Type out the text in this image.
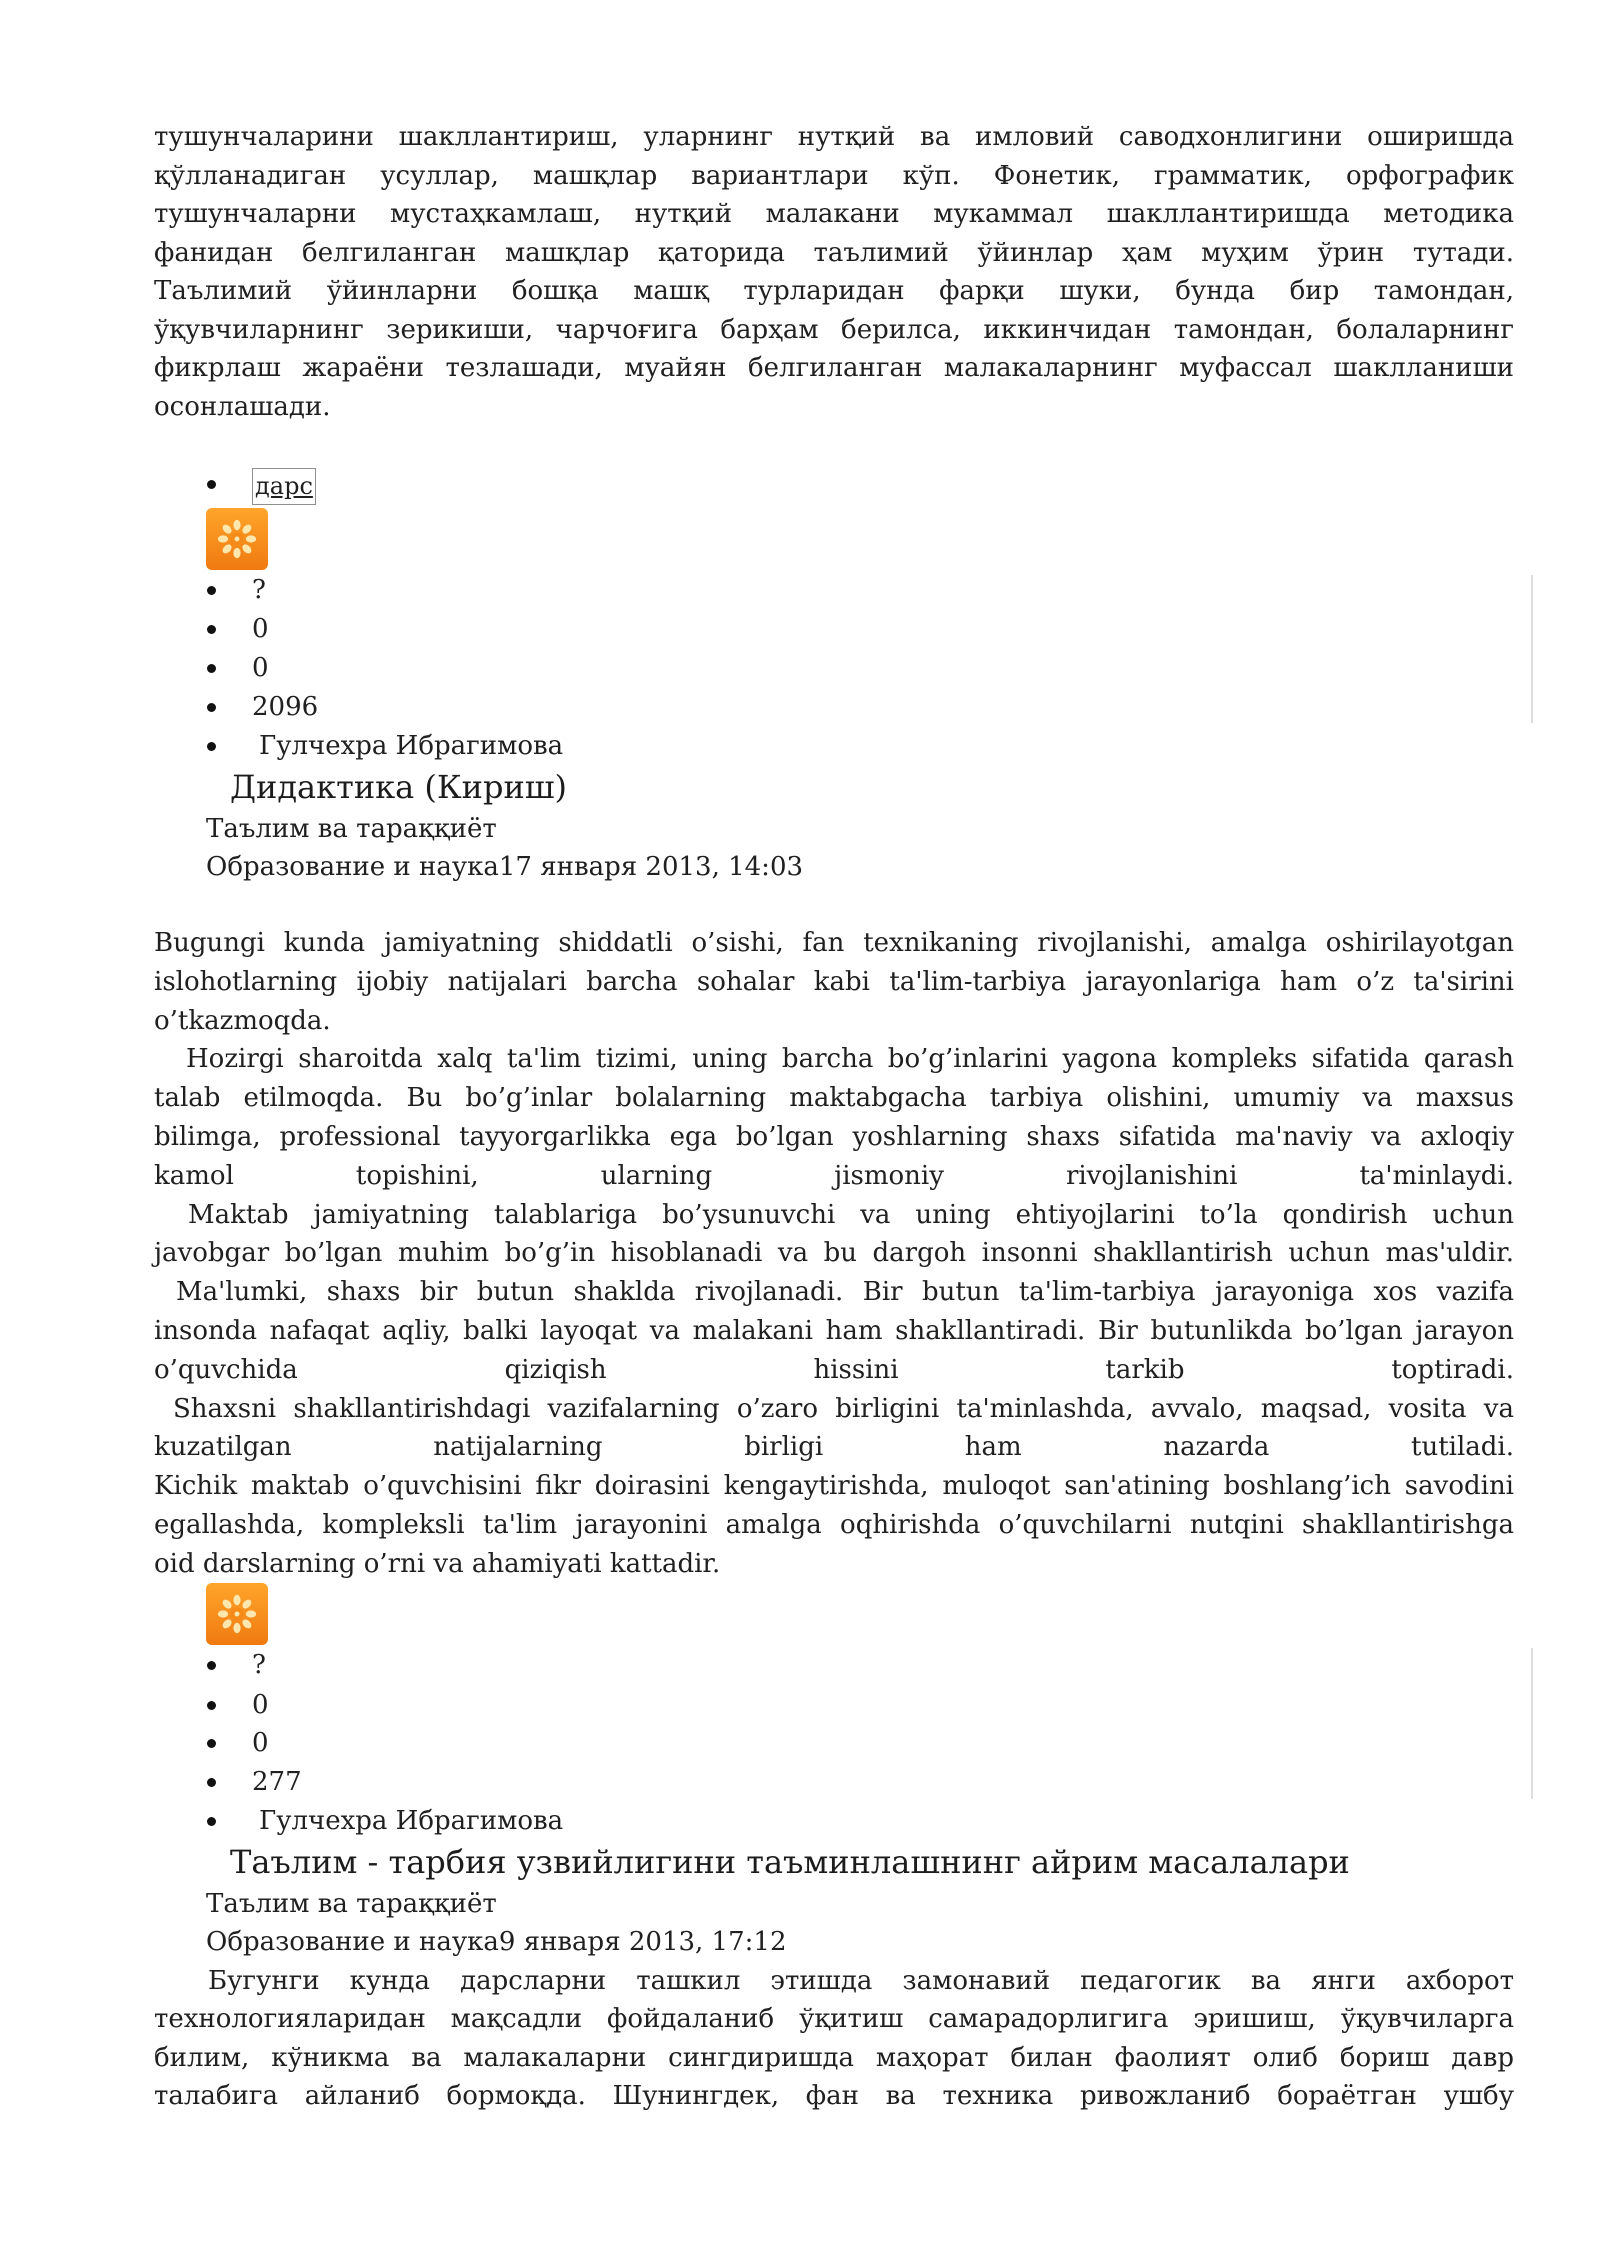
тушунчаларини шакллантириш, уларнинг нутқий ва имловий саводхонлигини оширишда
қўлланадиган усуллар, машқлар вариантлари кўп. Фонетик, грамматик, орфографик
тушунчаларни мустаҳкамлаш, нутқий малакани мукаммал шакллантиришда методика
фанидан белгиланган машқлар қаторида таълимий ўйинлар ҳам муҳим ўрин тутади.
Таълимий ўйинларни бошқа машқ турларидан фарқи шуки, бунда бир тамондан,
ўқувчиларнинг зерикиши, чарчоғига барҳам берилса, иккинчидан тамондан, болаларнинг
фикрлаш жараёни тезлашади, муайян белгиланган малакаларнинг муфассал шаклланиши
осонлашади.
дарс
?
0
0
2096
Гулчехра Ибрагимова
Дидактика (Кириш)
Таълим ва тараққиёт
Образование и наука17 января 2013, 14:03
Bugungi kunda jamiyatning shiddatli o’sishi, fan texnikaning rivojlanishi, amalga oshirilayotgan
islohotlarning ijobiy natijalari barcha sohalar kabi ta'lim-tarbiya jarayonlariga ham o’z ta'sirini
o’tkazmoqda.
Hozirgi sharoitda xalq ta'lim tizimi, uning barcha bo’g’inlarini yagona kompleks sifatida qarash
talab etilmoqda. Bu bo’g’inlar bolalarning maktabgacha tarbiya olishini, umumiy va maxsus
bilimga, professional tayyorgarlikka ega bo’lgan yoshlarning shaxs sifatida ma'naviy va axloqiy
kamol topishini, ularning jismoniy rivojlanishini ta'minlaydi.
Maktab jamiyatning talablariga bo’ysunuvchi va uning ehtiyojlarini to’la qondirish uchun
javobgar bo’lgan muhim bo’g’in hisoblanadi va bu dargoh insonni shakllantirish uchun mas'uldir.
Ma'lumki, shaxs bir butun shaklda rivojlanadi. Bir butun ta'lim-tarbiya jarayoniga xos vazifa
insonda nafaqat aqliy, balki layoqat va malakani ham shakllantiradi. Bir butunlikda bo’lgan jarayon
o’quvchida qiziqish hissini tarkib toptiradi.
Shaxsni shakllantirishdagi vazifalarning o’zaro birligini ta'minlashda, avvalo, maqsad, vosita va
kuzatilgan natijalarning birligi ham nazarda tutiladi.
Kichik maktab o’quvchisini fikr doirasini kengaytirishda, muloqot san'atining boshlang’ich savodini
egallashda, kompleksli ta'lim jarayonini amalga oqhirishda o’quvchilarni nutqini shakllantirishga
oid darslarning o’rni va ahamiyati kattadir.
?
0
0
277
Гулчехра Ибрагимова
Таълим - тарбия узвийлигини таъминлашнинг айрим масалалари
Таълим ва тараққиёт
Образование и наука9 января 2013, 17:12
Бугунги кунда дарсларни ташкил этишда замонавий педагогик ва янги ахборот
технологияларидан мақсадли фойдаланиб ўқитиш самарадорлигига эришиш, ўқувчиларга
билим, кўникма ва малакаларни сингдиришда маҳорат билан фаолият олиб бориш давр
талабига айланиб бормоқда. Шунингдек, фан ва техника ривожланиб бораётган ушбу
